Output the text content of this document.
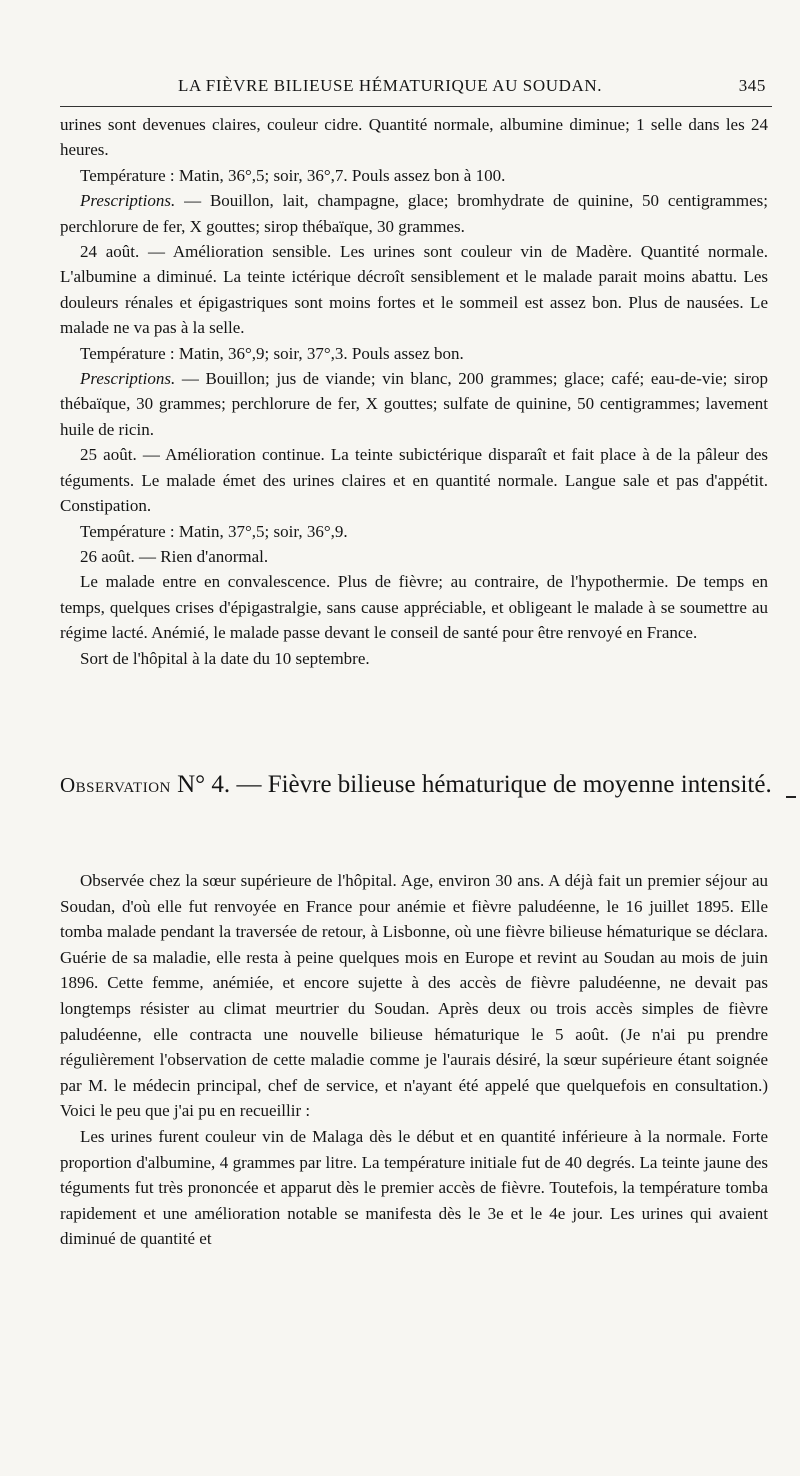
LA FIÈVRE BILIEUSE HÉMATURIQUE AU SOUDAN.	345

urines sont devenues claires, couleur cidre. Quantité normale, albumine diminue; 1 selle dans les 24 heures.

Température : Matin, 36°,5; soir, 36°,7. Pouls assez bon à 100.

Prescriptions. — Bouillon, lait, champagne, glace; bromhydrate de quinine, 50 centigrammes; perchlorure de fer, X gouttes; sirop thébaïque, 30 grammes.

24 août. — Amélioration sensible. Les urines sont couleur vin de Madère. Quantité normale. L'albumine a diminué. La teinte ictérique décroît sensiblement et le malade parait moins abattu. Les douleurs rénales et épigastriques sont moins fortes et le sommeil est assez bon. Plus de nausées. Le malade ne va pas à la selle.

Température : Matin, 36°,9; soir, 37°,3. Pouls assez bon.

Prescriptions. — Bouillon; jus de viande; vin blanc, 200 grammes; glace; café; eau-de-vie; sirop thébaïque, 30 grammes; perchlorure de fer, X gouttes; sulfate de quinine, 50 centigrammes; lavement huile de ricin.

25 août. — Amélioration continue. La teinte subictérique disparaît et fait place à de la pâleur des téguments. Le malade émet des urines claires et en quantité normale. Langue sale et pas d'appétit. Constipation.

Température : Matin, 37°,5; soir, 36°,9.

26 août. — Rien d'anormal.

Le malade entre en convalescence. Plus de fièvre; au contraire, de l'hypothermie. De temps en temps, quelques crises d'épigastralgie, sans cause appréciable, et obligeant le malade à se soumettre au régime lacté. Anémié, le malade passe devant le conseil de santé pour être renvoyé en France.

Sort de l'hôpital à la date du 10 septembre.

Observation N° 4. — Fièvre bilieuse hématurique de moyenne intensité.

Observée chez la sœur supérieure de l'hôpital. Age, environ 30 ans. A déjà fait un premier séjour au Soudan, d'où elle fut renvoyée en France pour anémie et fièvre paludéenne, le 16 juillet 1895. Elle tomba malade pendant la traversée de retour, à Lisbonne, où une fièvre bilieuse hématurique se déclara. Guérie de sa maladie, elle resta à peine quelques mois en Europe et revint au Soudan au mois de juin 1896. Cette femme, anémiée, et encore sujette à des accès de fièvre paludéenne, ne devait pas longtemps résister au climat meurtrier du Soudan. Après deux ou trois accès simples de fièvre paludéenne, elle contracta une nouvelle bilieuse hématurique le 5 août. (Je n'ai pu prendre régulièrement l'observation de cette maladie comme je l'aurais désiré, la sœur supérieure étant soignée par M. le médecin principal, chef de service, et n'ayant été appelé que quelquefois en consultation.) Voici le peu que j'ai pu en recueillir :

Les urines furent couleur vin de Malaga dès le début et en quantité inférieure à la normale. Forte proportion d'albumine, 4 grammes par litre. La température initiale fut de 40 degrés. La teinte jaune des téguments fut très prononcée et apparut dès le premier accès de fièvre. Toutefois, la température tomba rapidement et une amélioration notable se manifesta dès le 3e et le 4e jour. Les urines qui avaient diminué de quantité et
